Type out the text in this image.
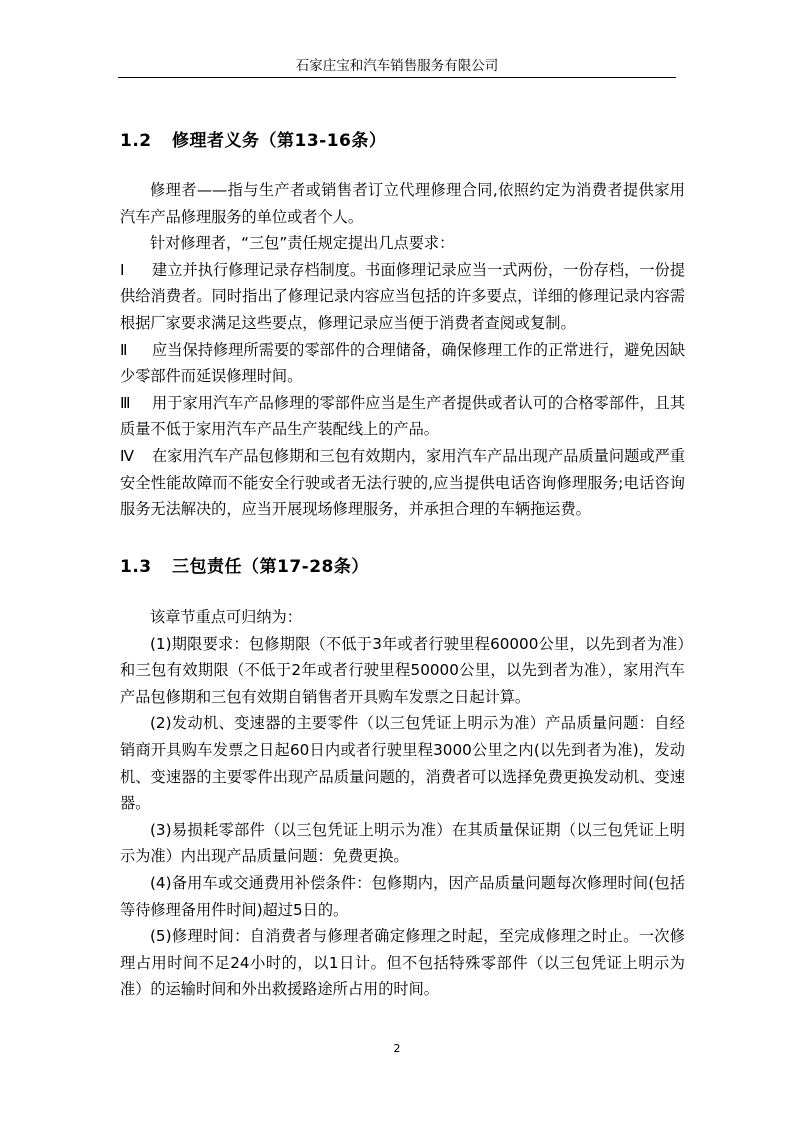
石家庄宝和汽车销售服务有限公司
1.2 修理者义务（第13-16条）

修理者——指与生产者或销售者订立代理修理合同,依照约定为消费者提供家用汽车产品修理服务的单位或者个人。

针对修理者，“三包”责任规定提出几点要求：

Ⅰ 建立并执行修理记录存档制度。书面修理记录应当一式两份，一份存档，一份提供给消费者。同时指出了修理记录内容应当包括的许多要点，详细的修理记录内容需根据厂家要求满足这些要点，修理记录应当便于消费者查阅或复制。

Ⅱ 应当保持修理所需要的零部件的合理储备，确保修理工作的正常进行，避免因缺少零部件而延误修理时间。

Ⅲ 用于家用汽车产品修理的零部件应当是生产者提供或者认可的合格零部件，且其质量不低于家用汽车产品生产装配线上的产品。

Ⅳ 在家用汽车产品包修期和三包有效期内，家用汽车产品出现产品质量问题或严重安全性能故障而不能安全行驶或者无法行驶的,应当提供电话咨询修理服务;电话咨询服务无法解决的，应当开展现场修理服务，并承担合理的车辆拖运费。

1.3 三包责任（第17-28条）

该章节重点可归纳为：

(1)期限要求：包修期限（不低于3年或者行驶里程60000公里，以先到者为准）和三包有效期限（不低于2年或者行驶里程50000公里，以先到者为准），家用汽车产品包修期和三包有效期自销售者开具购车发票之日起计算。

(2)发动机、变速器的主要零件（以三包凭证上明示为准）产品质量问题：自经销商开具购车发票之日起60日内或者行驶里程3000公里之内(以先到者为准)，发动机、变速器的主要零件出现产品质量问题的，消费者可以选择免费更换发动机、变速器。

(3)易损耗零部件（以三包凭证上明示为准）在其质量保证期（以三包凭证上明示为准）内出现产品质量问题：免费更换。

(4)备用车或交通费用补偿条件：包修期内，因产品质量问题每次修理时间(包括等待修理备用件时间)超过5日的。

(5)修理时间：自消费者与修理者确定修理之时起，至完成修理之时止。一次修理占用时间不足24小时的，以1日计。但不包括特殊零部件（以三包凭证上明示为准）的运输时间和外出救援路途所占用的时间。

2
